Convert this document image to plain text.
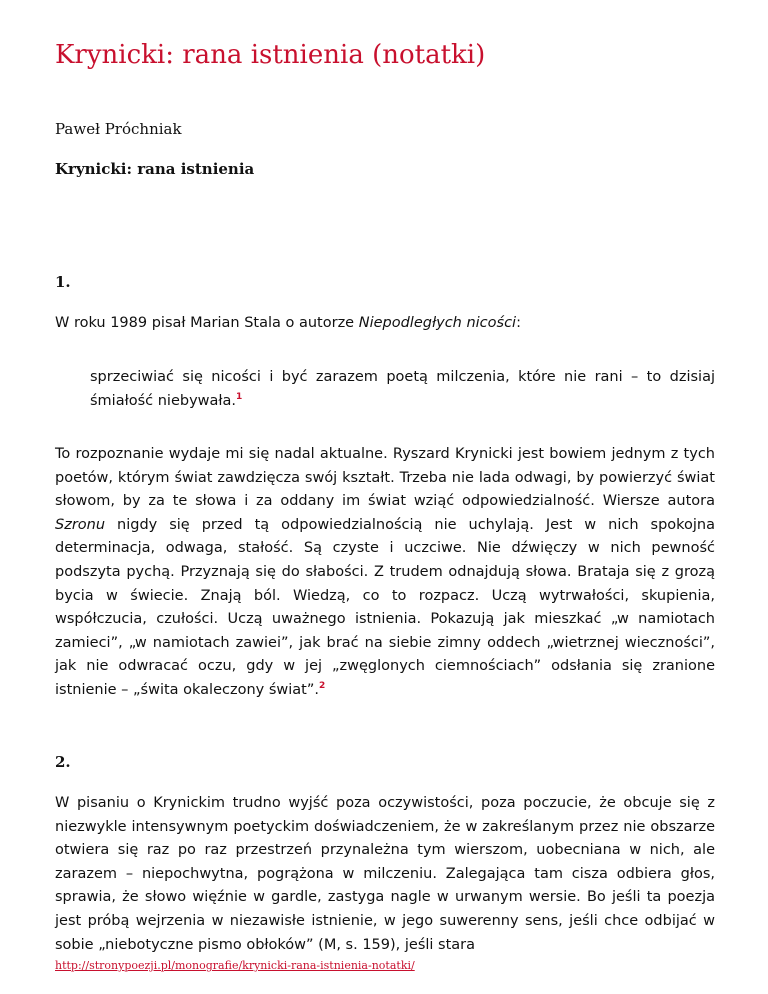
Krynicki: rana istnienia (notatki)
Paweł Próchniak
Krynicki: rana istnienia
1.

W roku 1989 pisał Marian Stala o autorze Niepodległych nicości:

sprzeciwiać się nicości i być zarazem poetą milczenia, które nie rani – to dzisiaj śmiałość niebywała.$^1$

To rozpoznanie wydaje mi się nadal aktualne. Ryszard Krynicki jest bowiem jednym z tych poetów, którym świat zawdzięcza swój kształt. Trzeba nie lada odwagi, by powierzyć świat słowom, by za te słowa i za oddany im świat wziąć odpowiedzialność. Wiersze autora Szronu nigdy się przed tą odpowiedzialnością nie uchylają. Jest w nich spokojna determinacja, odwaga, stałość. Są czyste i uczciwe. Nie dźwięczy w nich pewność podszyta pychą. Przyznają się do słabości. Z trudem odnajdują słowa. Brataja się z grozą bycia w świecie. Znają ból. Wiedzą, co to rozpacz. Uczą wytrwałości, skupienia, współczucia, czułości. Uczą uważnego istnienia. Pokazują jak mieszkać „w namiotach zamieci”, „w namiotach zawiei”, jak brać na siebie zimny oddech „wietrznej wieczności”, jak nie odwracać oczu, gdy w jej „zwęglonych ciemnościach” odsłania się zranione istnienie – „świta okaleczony świat”.$^2$

2.

W pisaniu o Krynickim trudno wyjść poza oczywistości, poza poczucie, że obcuje się z niezwykle intensywnym poetyckim doświadczeniem, że w zakreślanym przez nie obszarze otwiera się raz po raz przestrzeń przynależna tym wierszom, uobecniana w nich, ale zarazem – niepochwytna, pogrążona w milczeniu. Zalegająca tam cisza odbiera głos, sprawia, że słowo więźnie w gardle, zastyga nagle w urwanym wersie. Bo jeśli ta poezja jest próbą wejrzenia w niezawisłe istnienie, w jego suwerenny sens, jeśli chce odbijać w sobie „niebotyczne pismo obłoków” (M, s. 159), jeśli stara

http://stronypoezji.pl/monografie/krynicki-rana-istnienia-notatki/
